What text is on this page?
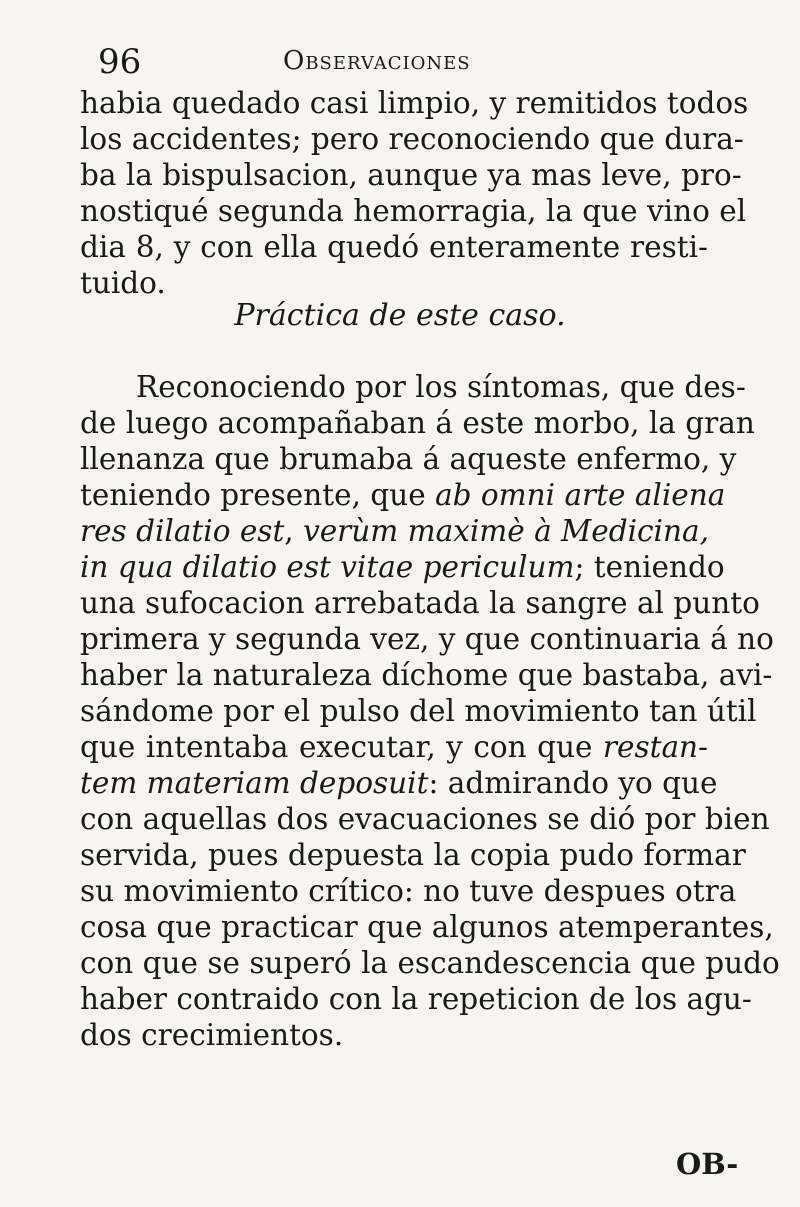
96	Observaciones
habia quedado casi limpio, y remitidos todos
los accidentes; pero reconociendo que dura-
ba la bispulsacion, aunque ya mas leve, pro-
nostiqué segunda hemorragia, la que vino el
dia 8, y con ella quedó enteramente resti-
tuido.
Práctica de este caso.
Reconociendo por los síntomas, que des-
de luego acompañaban á este morbo, la gran
llenanza que brumaba á aqueste enfermo, y
teniendo presente, que ab omni arte aliena
res dilatio est, verùm maximè à Medicina,
in qua dilatio est vitae periculum; teniendo
una sufocacion arrebatada la sangre al punto
primera y segunda vez, y que continuaria á no
haber la naturaleza díchome que bastaba, avi-
sándome por el pulso del movimiento tan útil
que intentaba executar, y con que restan-
tem materiam deposuit: admirando yo que
con aquellas dos evacuaciones se dió por bien
servida, pues depuesta la copia pudo formar
su movimiento crítico: no tuve despues otra
cosa que practicar que algunos atemperantes,
con que se superó la escandescencia que pudo
haber contraido con la repeticion de los agu-
dos crecimientos.
OB-
